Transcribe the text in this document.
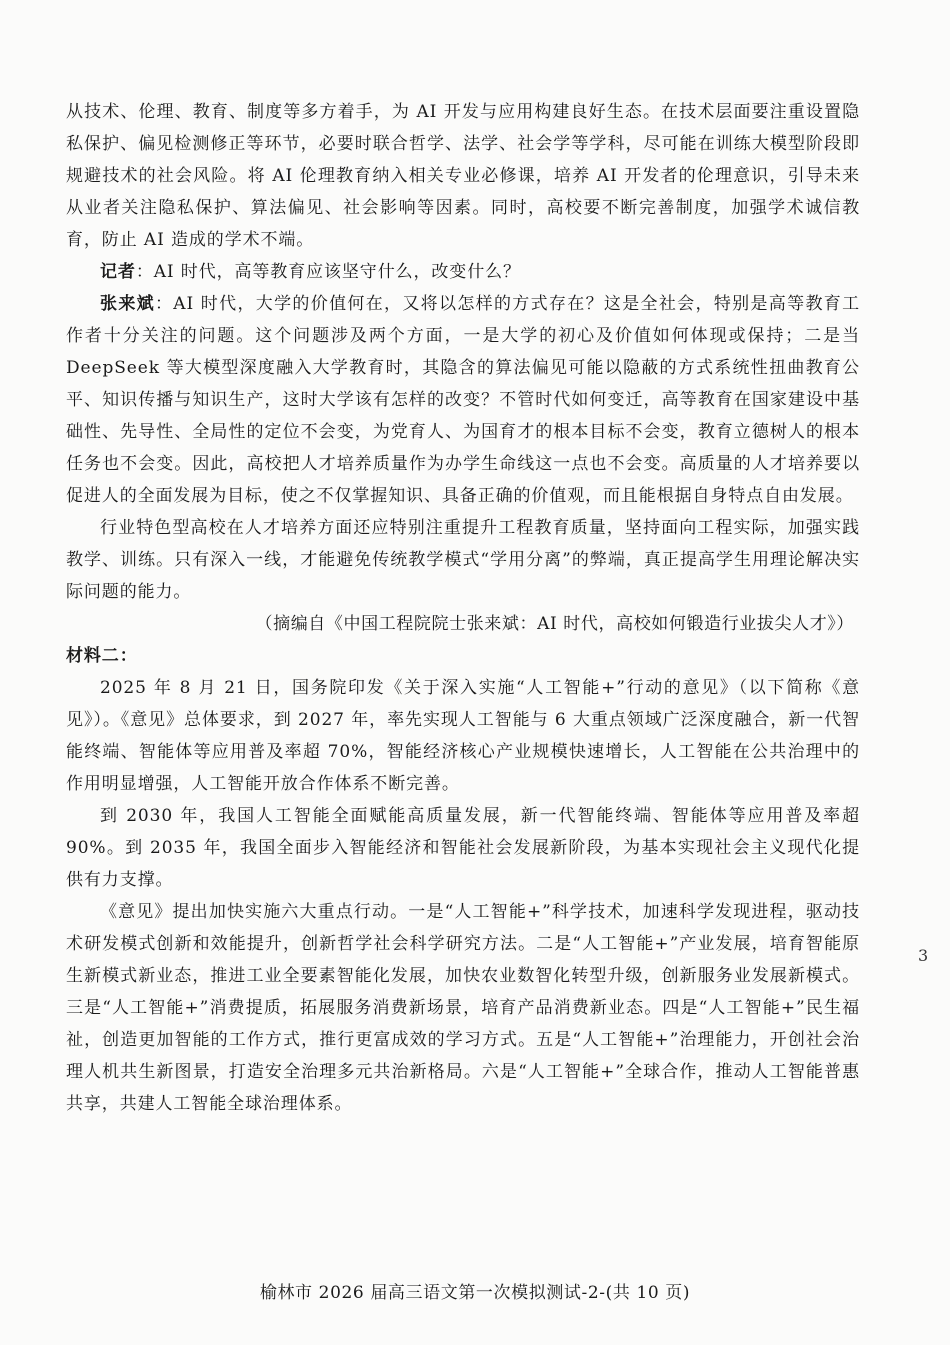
从技术、伦理、教育、制度等多方着手，为 AI 开发与应用构建良好生态。在技术层面要注重设置隐私保护、偏见检测修正等环节，必要时联合哲学、法学、社会学等学科，尽可能在训练大模型阶段即规避技术的社会风险。将 AI 伦理教育纳入相关专业必修课，培养 AI 开发者的伦理意识，引导未来从业者关注隐私保护、算法偏见、社会影响等因素。同时，高校要不断完善制度，加强学术诚信教育，防止 AI 造成的学术不端。

记者：AI 时代，高等教育应该坚守什么，改变什么？

张来斌：AI 时代，大学的价值何在，又将以怎样的方式存在？这是全社会，特别是高等教育工作者十分关注的问题。这个问题涉及两个方面，一是大学的初心及价值如何体现或保持；二是当 DeepSeek 等大模型深度融入大学教育时，其隐含的算法偏见可能以隐蔽的方式系统性扭曲教育公平、知识传播与知识生产，这时大学该有怎样的改变？不管时代如何变迁，高等教育在国家建设中基础性、先导性、全局性的定位不会变，为党育人、为国育才的根本目标不会变，教育立德树人的根本任务也不会变。因此，高校把人才培养质量作为办学生命线这一点也不会变。高质量的人才培养要以促进人的全面发展为目标，使之不仅掌握知识、具备正确的价值观，而且能根据自身特点自由发展。

行业特色型高校在人才培养方面还应特别注重提升工程教育质量，坚持面向工程实际，加强实践教学、训练。只有深入一线，才能避免传统教学模式“学用分离”的弊端，真正提高学生用理论解决实际问题的能力。

（摘编自《中国工程院院士张来斌：AI 时代，高校如何锻造行业拔尖人才》）

材料二：

2025 年 8 月 21 日，国务院印发《关于深入实施“人工智能+”行动的意见》（以下简称《意见》）。《意见》总体要求，到 2027 年，率先实现人工智能与 6 大重点领域广泛深度融合，新一代智能终端、智能体等应用普及率超 70%，智能经济核心产业规模快速增长，人工智能在公共治理中的作用明显增强，人工智能开放合作体系不断完善。

到 2030 年，我国人工智能全面赋能高质量发展，新一代智能终端、智能体等应用普及率超 90%。到 2035 年，我国全面步入智能经济和智能社会发展新阶段，为基本实现社会主义现代化提供有力支撑。

《意见》提出加快实施六大重点行动。一是“人工智能+”科学技术，加速科学发现进程，驱动技术研发模式创新和效能提升，创新哲学社会科学研究方法。二是“人工智能+”产业发展，培育智能原生新模式新业态，推进工业全要素智能化发展，加快农业数智化转型升级，创新服务业发展新模式。三是“人工智能+”消费提质，拓展服务消费新场景，培育产品消费新业态。四是“人工智能+”民生福祉，创造更加智能的工作方式，推行更富成效的学习方式。五是“人工智能+”治理能力，开创社会治理人机共生新图景，打造安全治理多元共治新格局。六是“人工智能+”全球合作，推动人工智能普惠共享，共建人工智能全球治理体系。

3
榆林市 2026 届高三语文第一次模拟测试-2-(共 10 页)
